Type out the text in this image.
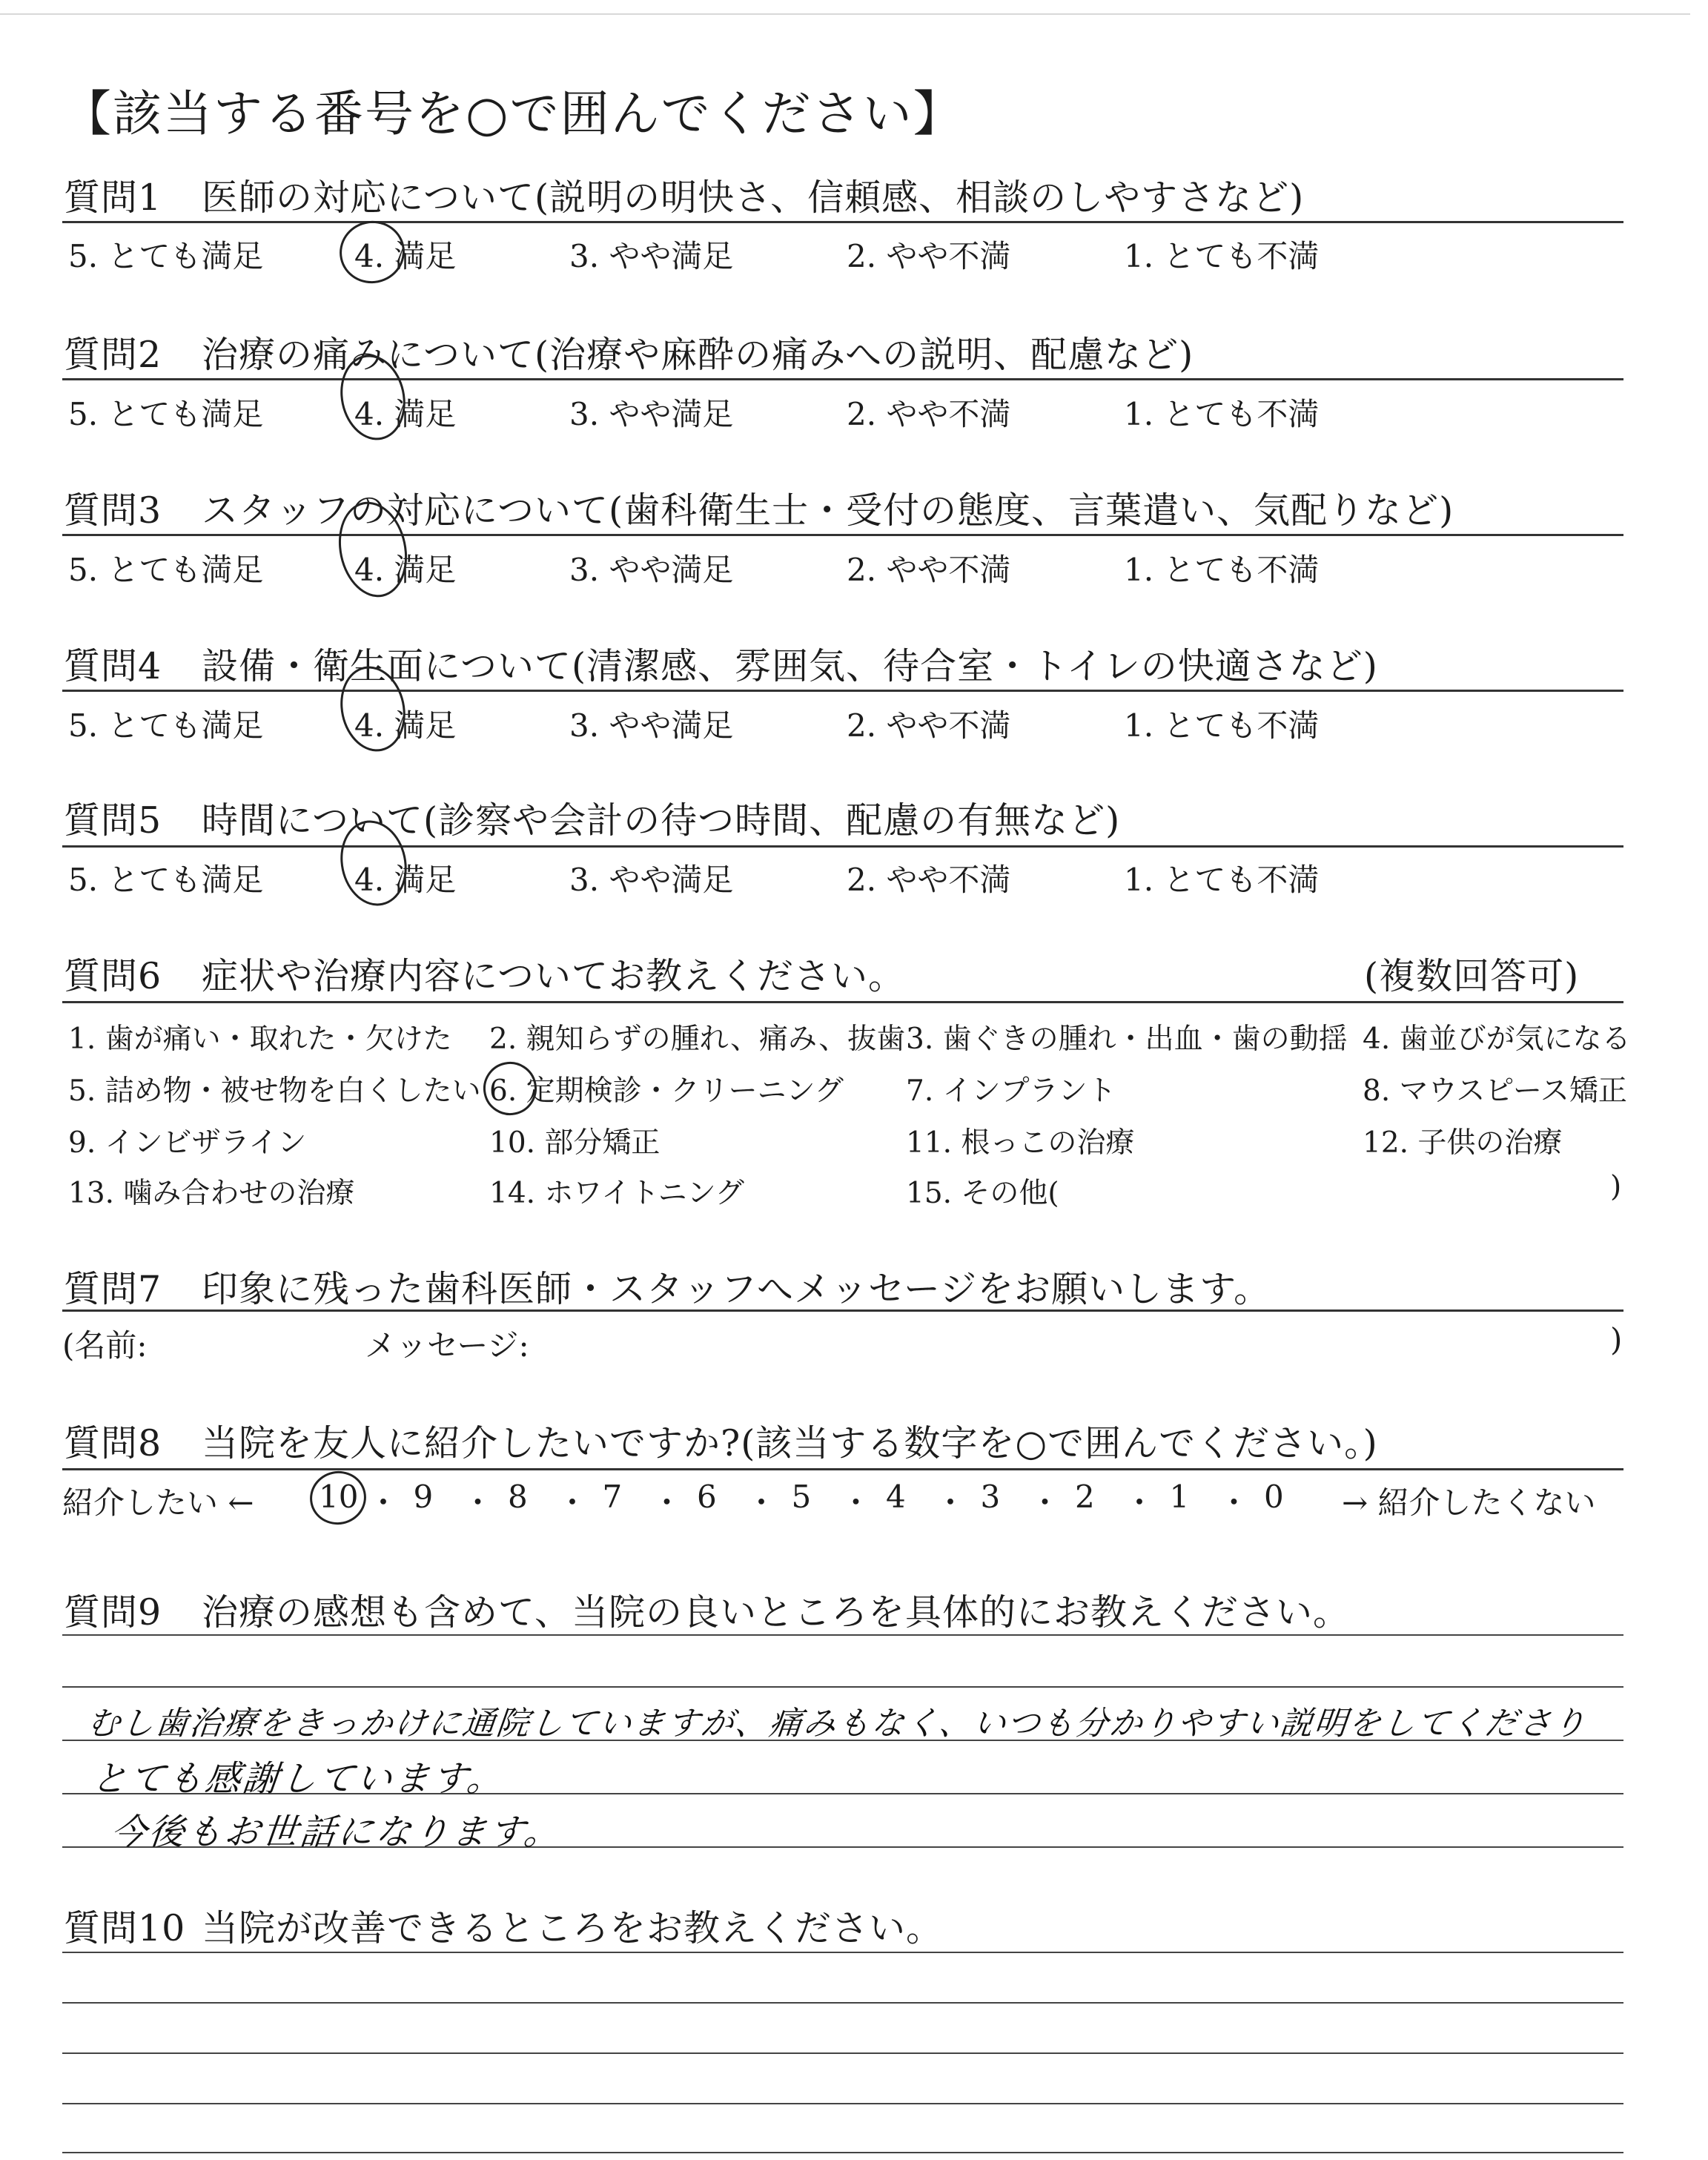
【該当する番号を○で囲んでください】
質問1 医師の対応について(説明の明快さ、信頼感、相談のしやすさなど)
5. とても満足	4. 満足	3. やや満足	2. やや不満	1. とても不満
質問2 治療の痛みについて(治療や麻酔の痛みへの説明、配慮など)
5. とても満足	4. 満足	3. やや満足	2. やや不満	1. とても不満
質問3 スタッフの対応について(歯科衛生士・受付の態度、言葉遣い、気配りなど)
5. とても満足	4. 満足	3. やや満足	2. やや不満	1. とても不満
質問4 設備・衛生面について(清潔感、雰囲気、待合室・トイレの快適さなど)
5. とても満足	4. 満足	3. やや満足	2. やや不満	1. とても不満
質問5 時間について(診察や会計の待つ時間、配慮の有無など)
5. とても満足	4. 満足	3. やや満足	2. やや不満	1. とても不満
質問6 症状や治療内容についてお教えください。	(複数回答可)
1. 歯が痛い・取れた・欠けた 2. 親知らずの腫れ、痛み、抜歯 3. 歯ぐきの腫れ・出血・歯の動揺 4. 歯並びが気になる
5. 詰め物・被せ物を白くしたい 6. 定期検診・クリーニング 7. インプラント	8. マウスピース矯正
9. インビザライン	10. 部分矯正	11. 根っこの治療	12. 子供の治療
13. 噛み合わせの治療	14. ホワイトニング	15. その他(	)
質問7 印象に残った歯科医師・スタッフへメッセージをお願いします。
(名前:	メッセージ:	)
質問8 当院を友人に紹介したいですか?(該当する数字を○で囲んでください。)
紹介したい ← 10 ・ 9 ・ 8 ・ 7 ・ 6 ・ 5 ・ 4 ・ 3 ・ 2 ・ 1 ・ 0 → 紹介したくない
質問9 治療の感想も含めて、当院の良いところを具体的にお教えください。
むし歯治療をきっかけに通院していますが、痛みもなく、いつも分かりやすい説明をしてくださり
とても感謝しています。
今後もお世話になります。
質問10 当院が改善できるところをお教えください。
